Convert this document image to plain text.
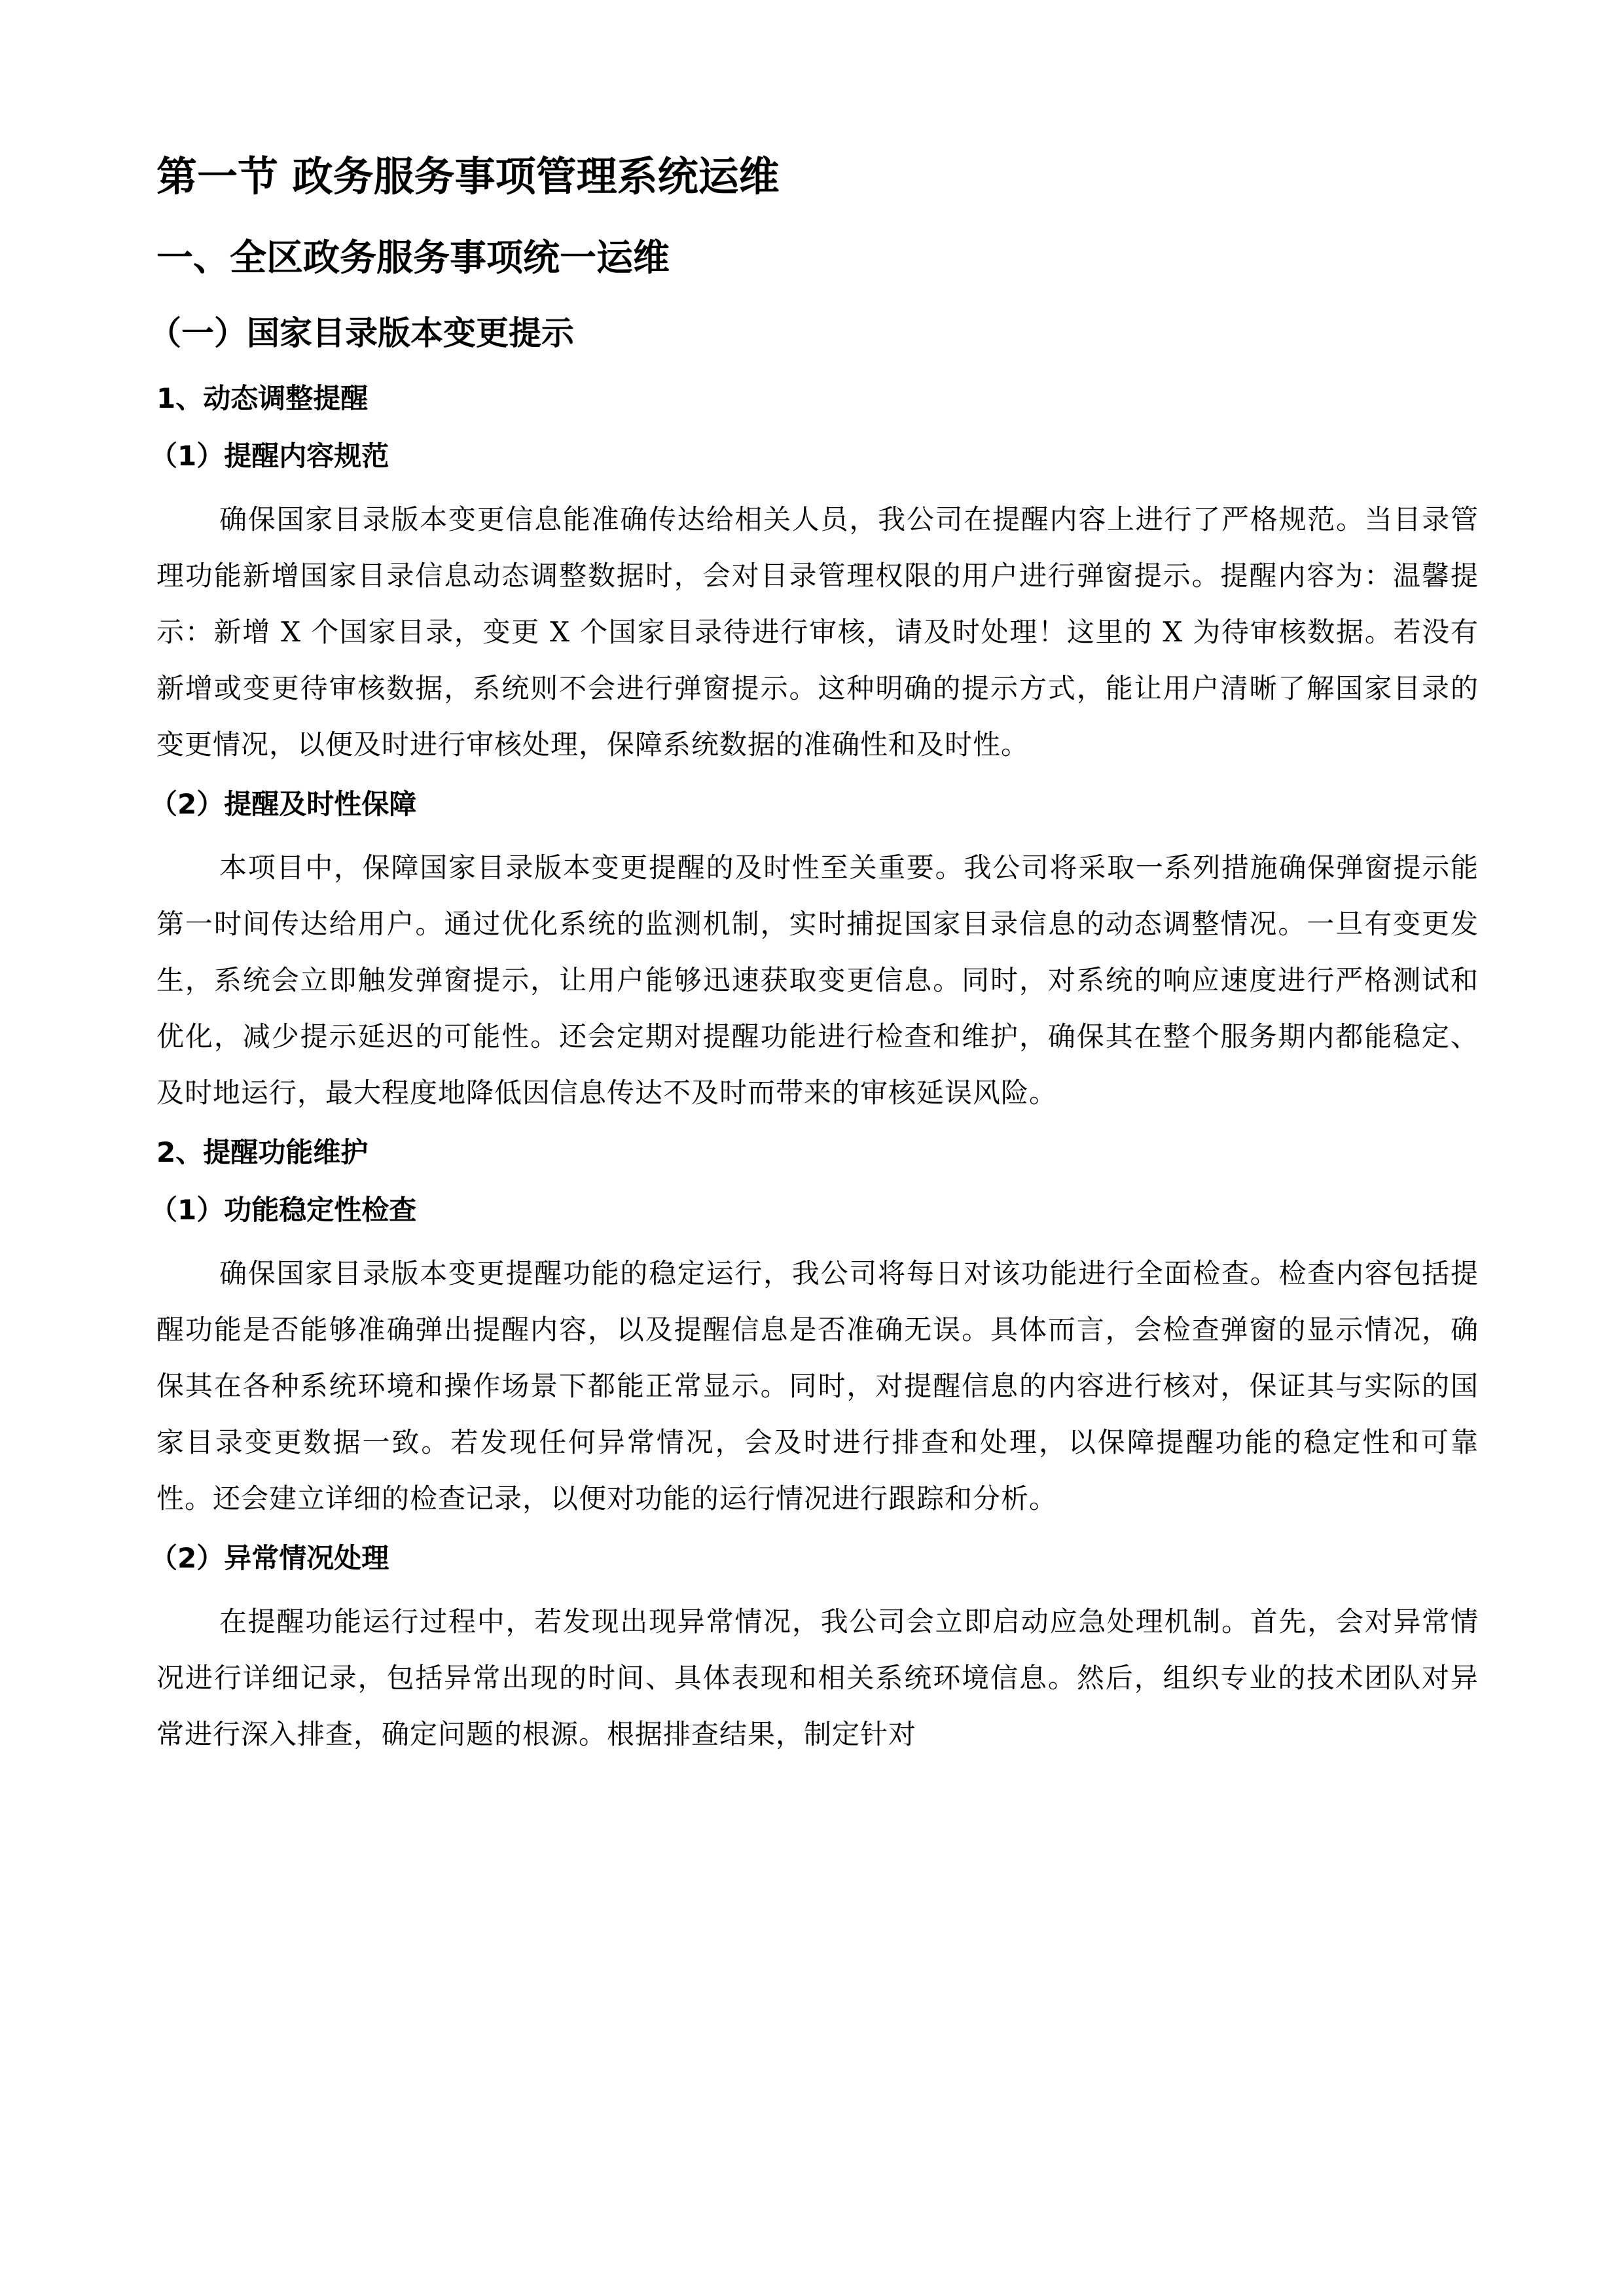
第一节 政务服务事项管理系统运维
一、全区政务服务事项统一运维
（一）国家目录版本变更提示
1、动态调整提醒
（1）提醒内容规范

确保国家目录版本变更信息能准确传达给相关人员，我公司在提醒内容上进行了严格规范。当目录管理功能新增国家目录信息动态调整数据时，会对目录管理权限的用户进行弹窗提示。提醒内容为：温馨提示：新增 X 个国家目录，变更 X 个国家目录待进行审核，请及时处理！这里的 X 为待审核数据。若没有新增或变更待审核数据，系统则不会进行弹窗提示。这种明确的提示方式，能让用户清晰了解国家目录的变更情况，以便及时进行审核处理，保障系统数据的准确性和及时性。

（2）提醒及时性保障

本项目中，保障国家目录版本变更提醒的及时性至关重要。我公司将采取一系列措施确保弹窗提示能第一时间传达给用户。通过优化系统的监测机制，实时捕捉国家目录信息的动态调整情况。一旦有变更发生，系统会立即触发弹窗提示，让用户能够迅速获取变更信息。同时，对系统的响应速度进行严格测试和优化，减少提示延迟的可能性。还会定期对提醒功能进行检查和维护，确保其在整个服务期内都能稳定、及时地运行，最大程度地降低因信息传达不及时而带来的审核延误风险。

2、提醒功能维护
（1）功能稳定性检查

确保国家目录版本变更提醒功能的稳定运行，我公司将每日对该功能进行全面检查。检查内容包括提醒功能是否能够准确弹出提醒内容，以及提醒信息是否准确无误。具体而言，会检查弹窗的显示情况，确保其在各种系统环境和操作场景下都能正常显示。同时，对提醒信息的内容进行核对，保证其与实际的国家目录变更数据一致。若发现任何异常情况，会及时进行排查和处理，以保障提醒功能的稳定性和可靠性。还会建立详细的检查记录，以便对功能的运行情况进行跟踪和分析。

（2）异常情况处理

在提醒功能运行过程中，若发现出现异常情况，我公司会立即启动应急处理机制。首先，会对异常情况进行详细记录，包括异常出现的时间、具体表现和相关系统环境信息。然后，组织专业的技术团队对异常进行深入排查，确定问题的根源。根据排查结果，制定针对
